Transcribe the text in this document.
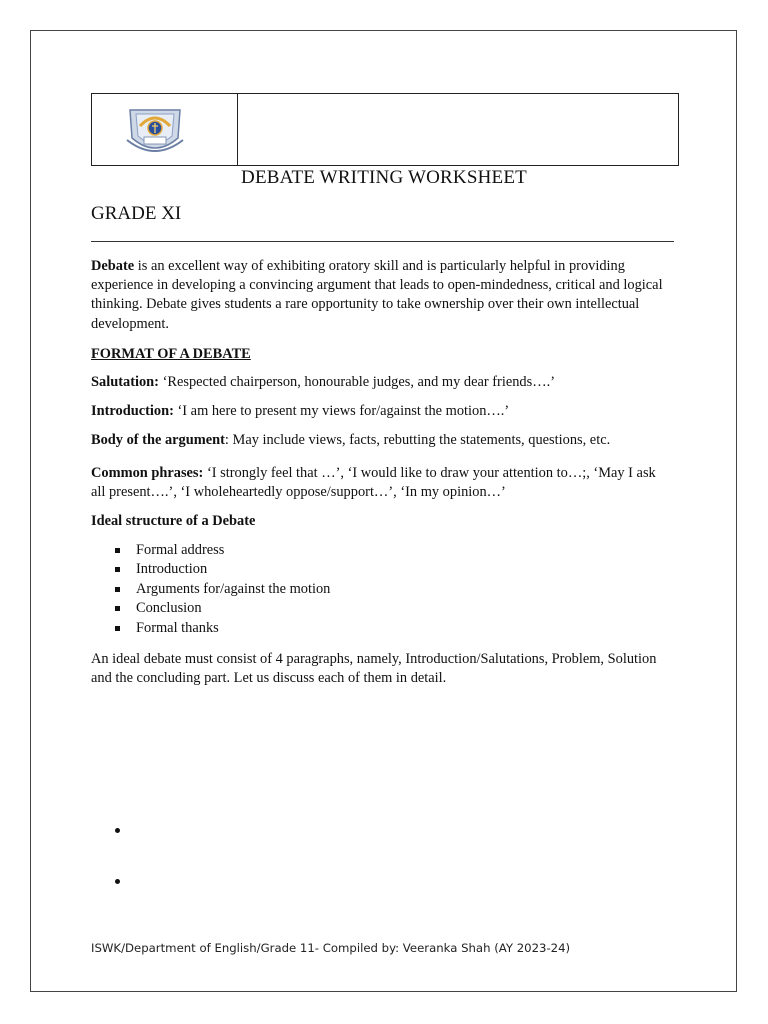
DEBATE WRITING WORKSHEET
GRADE XI
Debate is an excellent way of exhibiting oratory skill and is particularly helpful in providing experience in developing a convincing argument that leads to open-mindedness, critical and logical thinking. Debate gives students a rare opportunity to take ownership over their own intellectual development.
FORMAT OF A DEBATE
Salutation: ‘Respected chairperson, honourable judges, and my dear friends….’
Introduction: ‘I am here to present my views for/against the motion….’
Body of the argument: May include views, facts, rebutting the statements, questions, etc.
Common phrases: ‘I strongly feel that …’, ‘I would like to draw your attention to…;, ‘May I ask all present….’, ‘I wholeheartedly oppose/support…’, ‘In my opinion…’
Ideal structure of a Debate
Formal address
Introduction
Arguments for/against the motion
Conclusion
Formal thanks
An ideal debate must consist of 4 paragraphs, namely, Introduction/Salutations, Problem, Solution and the concluding part. Let us discuss each of them in detail.
ISWK/Department of English/Grade 11- Compiled by: Veeranka Shah (AY 2023-24)
